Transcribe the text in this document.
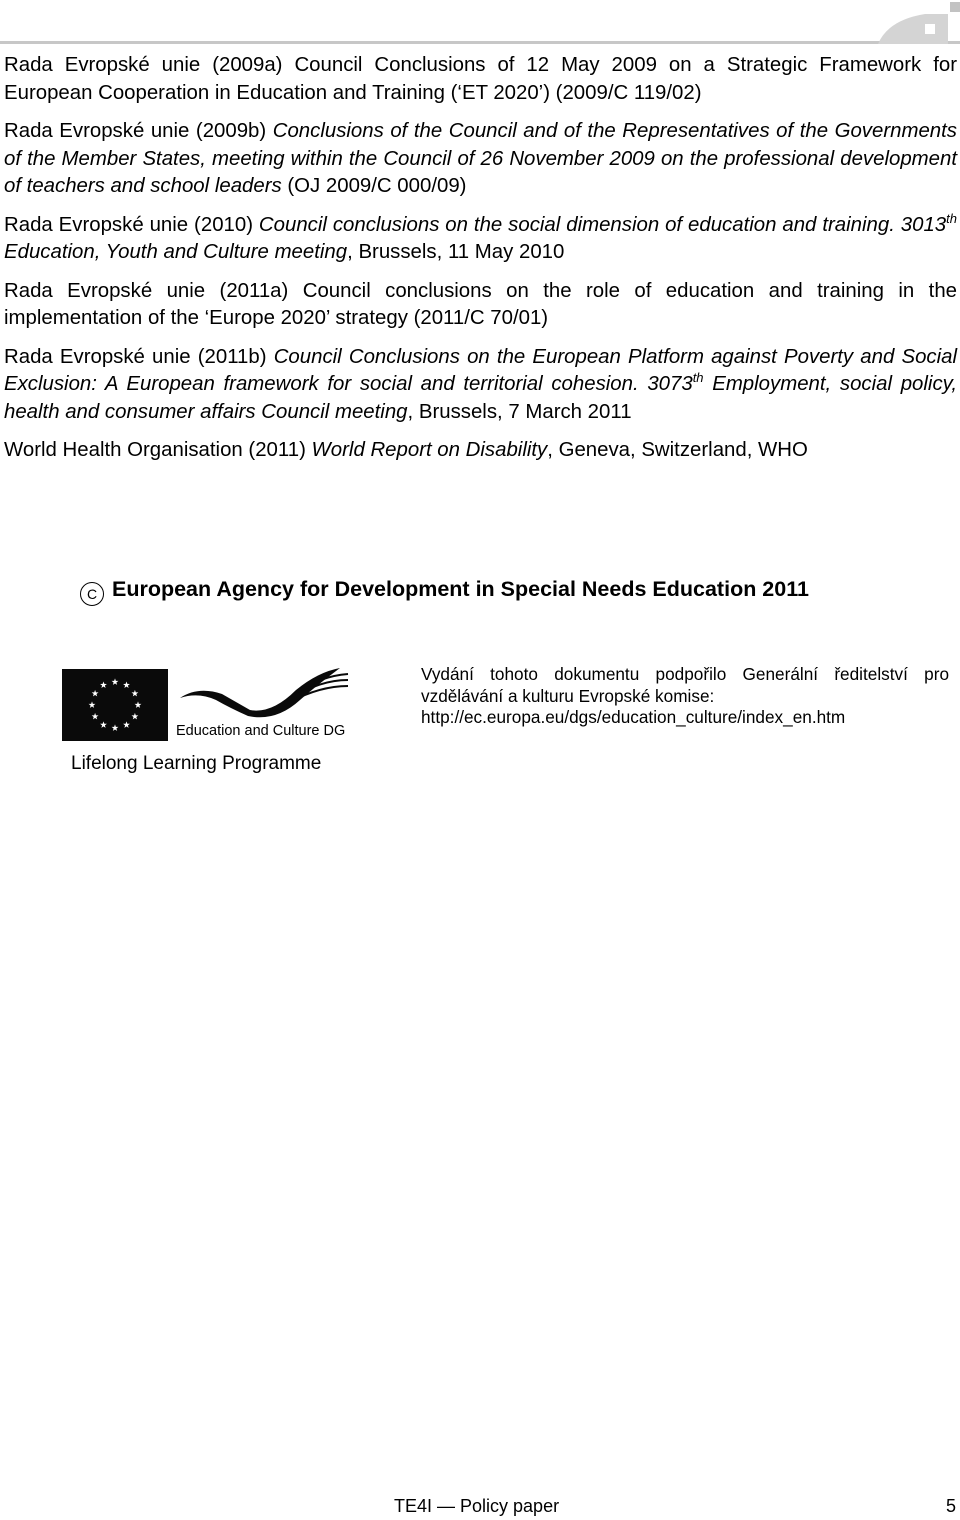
Rada Evropské unie (2009a) Council Conclusions of 12 May 2009 on a Strategic Framework for European Cooperation in Education and Training (‘ET 2020’) (2009/C 119/02)
Rada Evropské unie (2009b) Conclusions of the Council and of the Representatives of the Governments of the Member States, meeting within the Council of 26 November 2009 on the professional development of teachers and school leaders (OJ 2009/C 000/09)
Rada Evropské unie (2010) Council conclusions on the social dimension of education and training. 3013th Education, Youth and Culture meeting, Brussels, 11 May 2010
Rada Evropské unie (2011a) Council conclusions on the role of education and training in the implementation of the ‘Europe 2020’ strategy (2011/C 70/01)
Rada Evropské unie (2011b) Council Conclusions on the European Platform against Poverty and Social Exclusion: A European framework for social and territorial cohesion. 3073th Employment, social policy, health and consumer affairs Council meeting, Brussels, 7 March 2011
World Health Organisation (2011) World Report on Disability, Geneva, Switzerland, WHO
C European Agency for Development in Special Needs Education 2011
Education and Culture DG
Lifelong Learning Programme
Vydání tohoto dokumentu podpořilo Generální ředitelství pro vzdělávání a kulturu Evropské komise:
http://ec.europa.eu/dgs/education_culture/index_en.htm
TE4I — Policy paper	5
